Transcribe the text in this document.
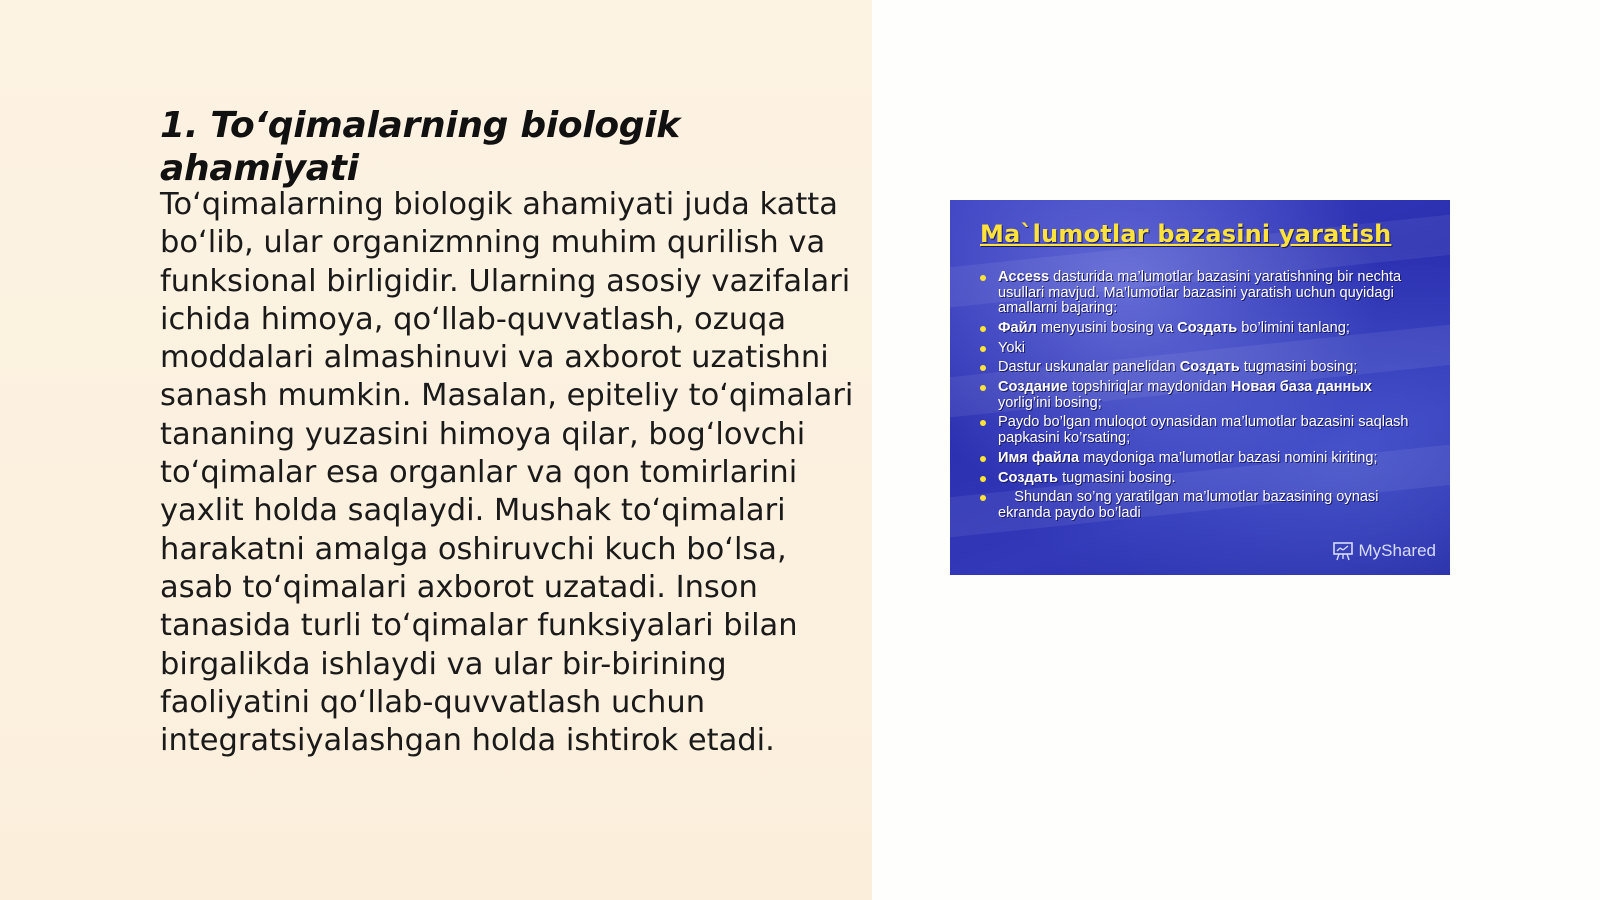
1. To‘qimalarning biologik ahamiyati

To‘qimalarning biologik ahamiyati juda katta bo‘lib, ular organizmning muhim qurilish va funksional birligidir. Ularning asosiy vazifalari ichida himoya, qo‘llab-quvvatlash, ozuqa moddalari almashinuvi va axborot uzatishni sanash mumkin. Masalan, epiteliy to‘qimalari tananing yuzasini himoya qilar, bog‘lovchi to‘qimalar esa organlar va qon tomirlarini yaxlit holda saqlaydi. Mushak to‘qimalari harakatni amalga oshiruvchi kuch bo‘lsa, asab to‘qimalari axborot uzatadi. Inson tanasida turli to‘qimalar funksiyalari bilan birgalikda ishlaydi va ular bir-birining faoliyatini qo‘llab-quvvatlash uchun integratsiyalashgan holda ishtirok etadi.

Ma`lumotlar bazasini yaratish
Access dasturida ma’lumotlar bazasini yaratishning bir nechta usullari mavjud. Ma’lumotlar bazasini yaratish uchun quyidagi amallarni bajaring:
Файл menyusini bosing va Создать bo’limini tanlang;
Yoki
Dastur uskunalar panelidan Создать tugmasini bosing;
Создание topshiriqlar maydonidan Новая база данных yorlig’ini bosing;
Paydo bo’lgan muloqot oynasidan ma’lumotlar bazasini saqlash papkasini ko’rsating;
Имя файла maydoniga ma’lumotlar bazasi nomini kiriting;
Создать tugmasini bosing.
Shundan so’ng yaratilgan ma’lumotlar bazasining oynasi ekranda paydo bo’ladi
MyShared
